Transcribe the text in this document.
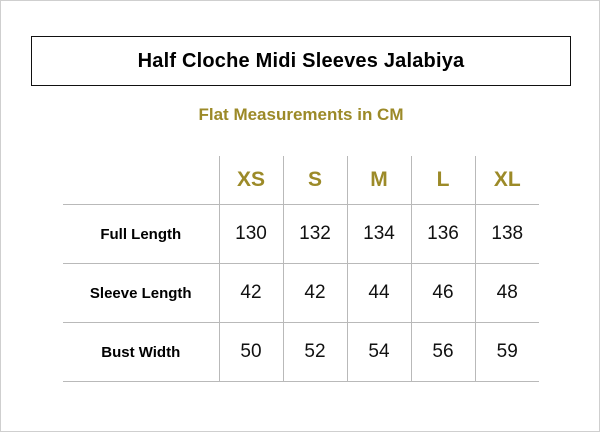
Half Cloche Midi Sleeves Jalabiya
Flat Measurements in CM
	XS	S	M	L	XL
Full Length	130	132	134	136	138
Sleeve Length	42	42	44	46	48
Bust Width	50	52	54	56	59
